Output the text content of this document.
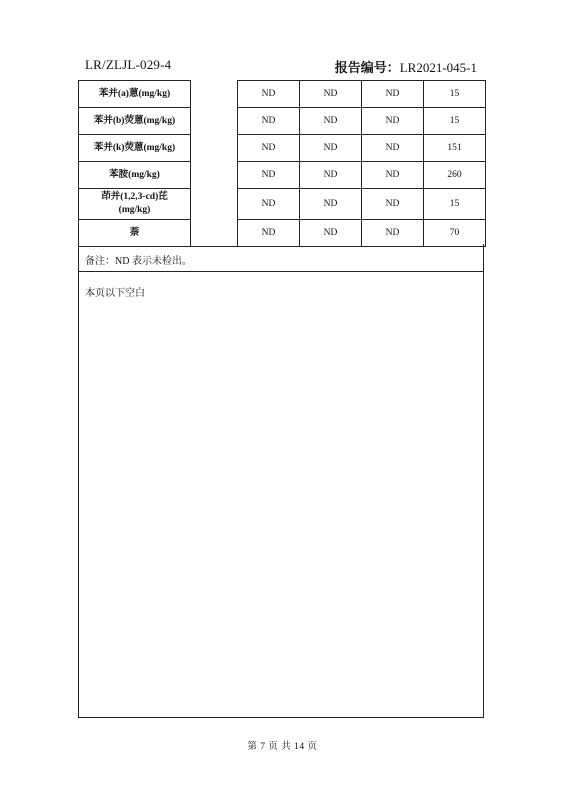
LR/ZLJL-029-4	报告编号：LR2021-045-1
苯并(a)蒽(mg/kg)		ND	ND	ND	15
苯并(b)荧蒽(mg/kg)		ND	ND	ND	15
苯并(k)荧蒽(mg/kg)		ND	ND	ND	151
苯胺(mg/kg)		ND	ND	ND	260

茚并(1,2,3-cd)芘
(mg/kg)		ND	ND	ND	15
萘		ND	ND	ND	70
备注：ND 表示未检出。
本页以下空白
第 7 页 共 14 页
